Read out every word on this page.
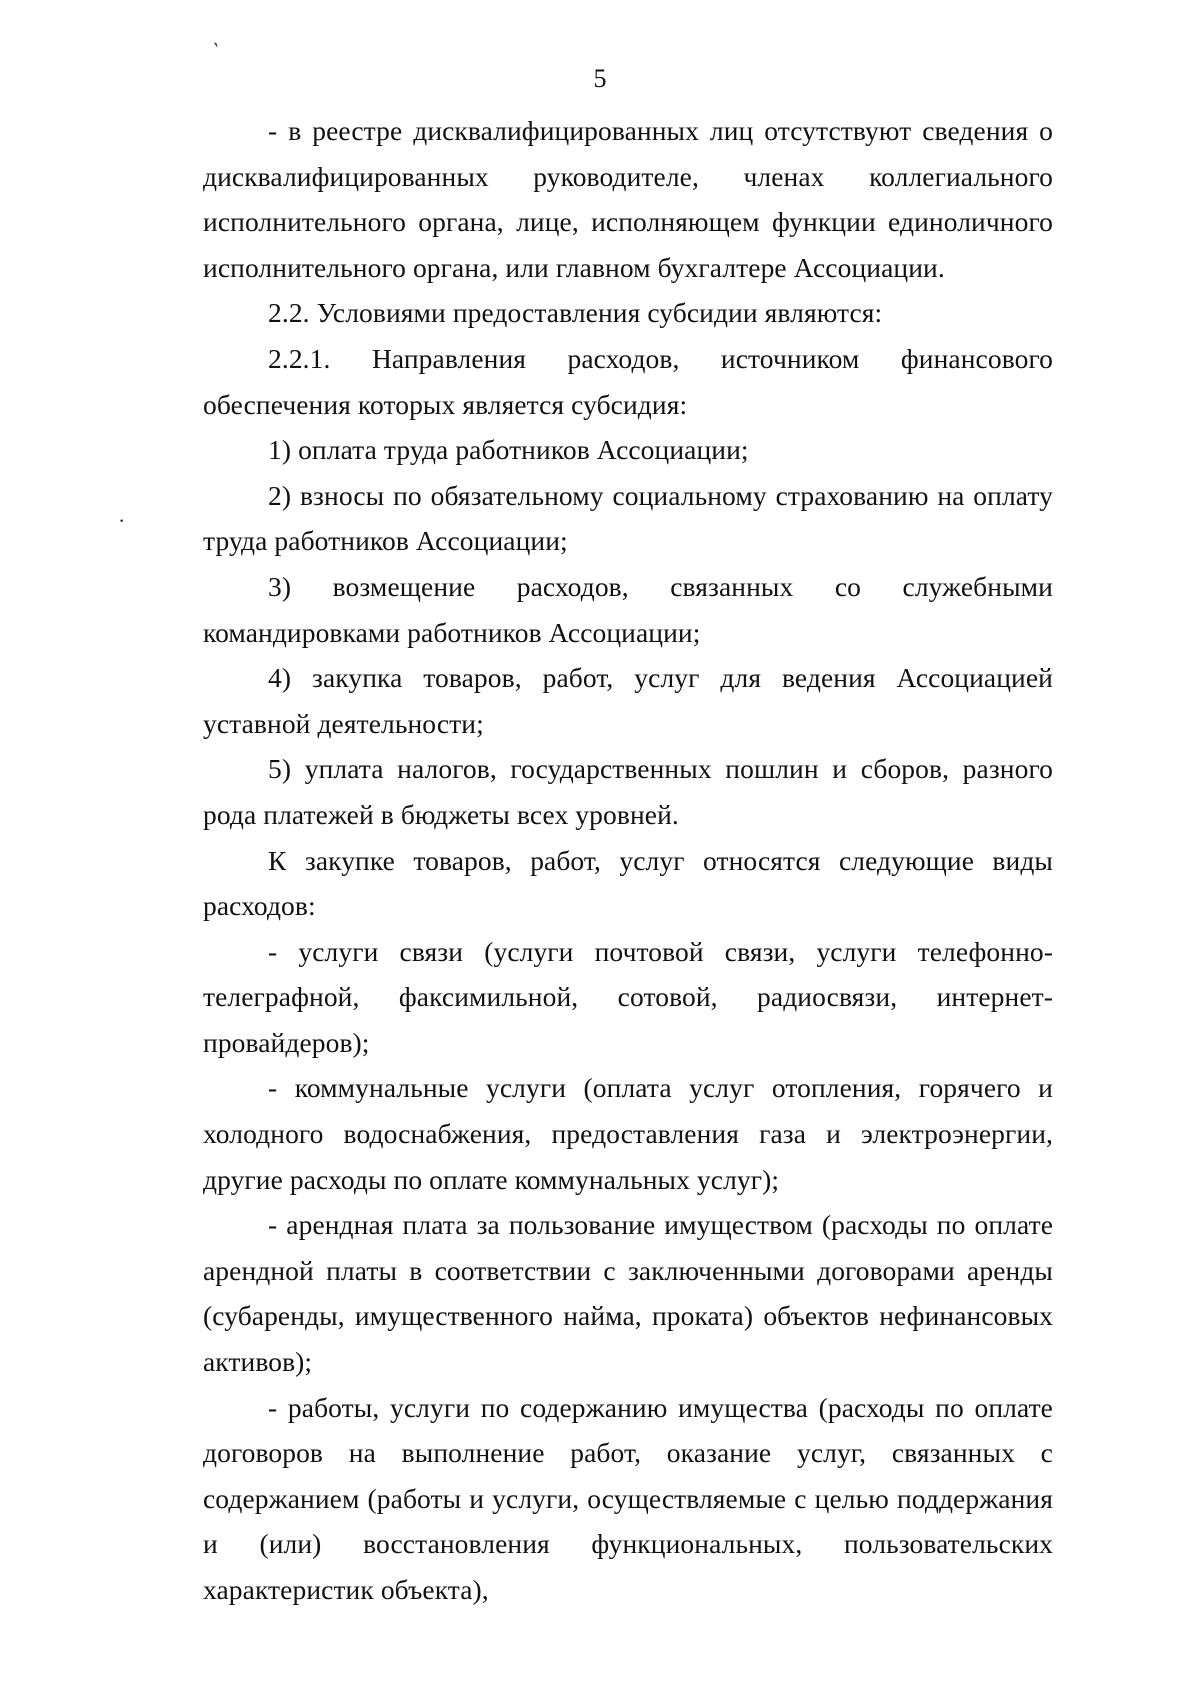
ˋ
·
5

- в реестре дисквалифицированных лиц отсутствуют сведения о дисквалифицированных руководителе, членах коллегиального исполнительного органа, лице, исполняющем функции единоличного исполнительного органа, или главном бухгалтере Ассоциации.

2.2. Условиями предоставления субсидии являются:

2.2.1. Направления расходов, источником финансового обеспечения которых является субсидия:

1) оплата труда работников Ассоциации;

2) взносы по обязательному социальному страхованию на оплату труда работников Ассоциации;

3) возмещение расходов, связанных со служебными командировками работников Ассоциации;

4) закупка товаров, работ, услуг для ведения Ассоциацией уставной деятельности;

5) уплата налогов, государственных пошлин и сборов, разного рода платежей в бюджеты всех уровней.

К закупке товаров, работ, услуг относятся следующие виды расходов:

- услуги связи (услуги почтовой связи, услуги телефонно-телеграфной, факсимильной, сотовой, радиосвязи, интернет-провайдеров);

- коммунальные услуги (оплата услуг отопления, горячего и холодного водоснабжения, предоставления газа и электроэнергии, другие расходы по оплате коммунальных услуг);

- арендная плата за пользование имуществом (расходы по оплате арендной платы в соответствии с заключенными договорами аренды (субаренды, имущественного найма, проката) объектов нефинансовых активов);

- работы, услуги по содержанию имущества (расходы по оплате договоров на выполнение работ, оказание услуг, связанных с содержанием (работы и услуги, осуществляемые с целью поддержания и (или) восстановления функциональных, пользовательских характеристик объекта),
